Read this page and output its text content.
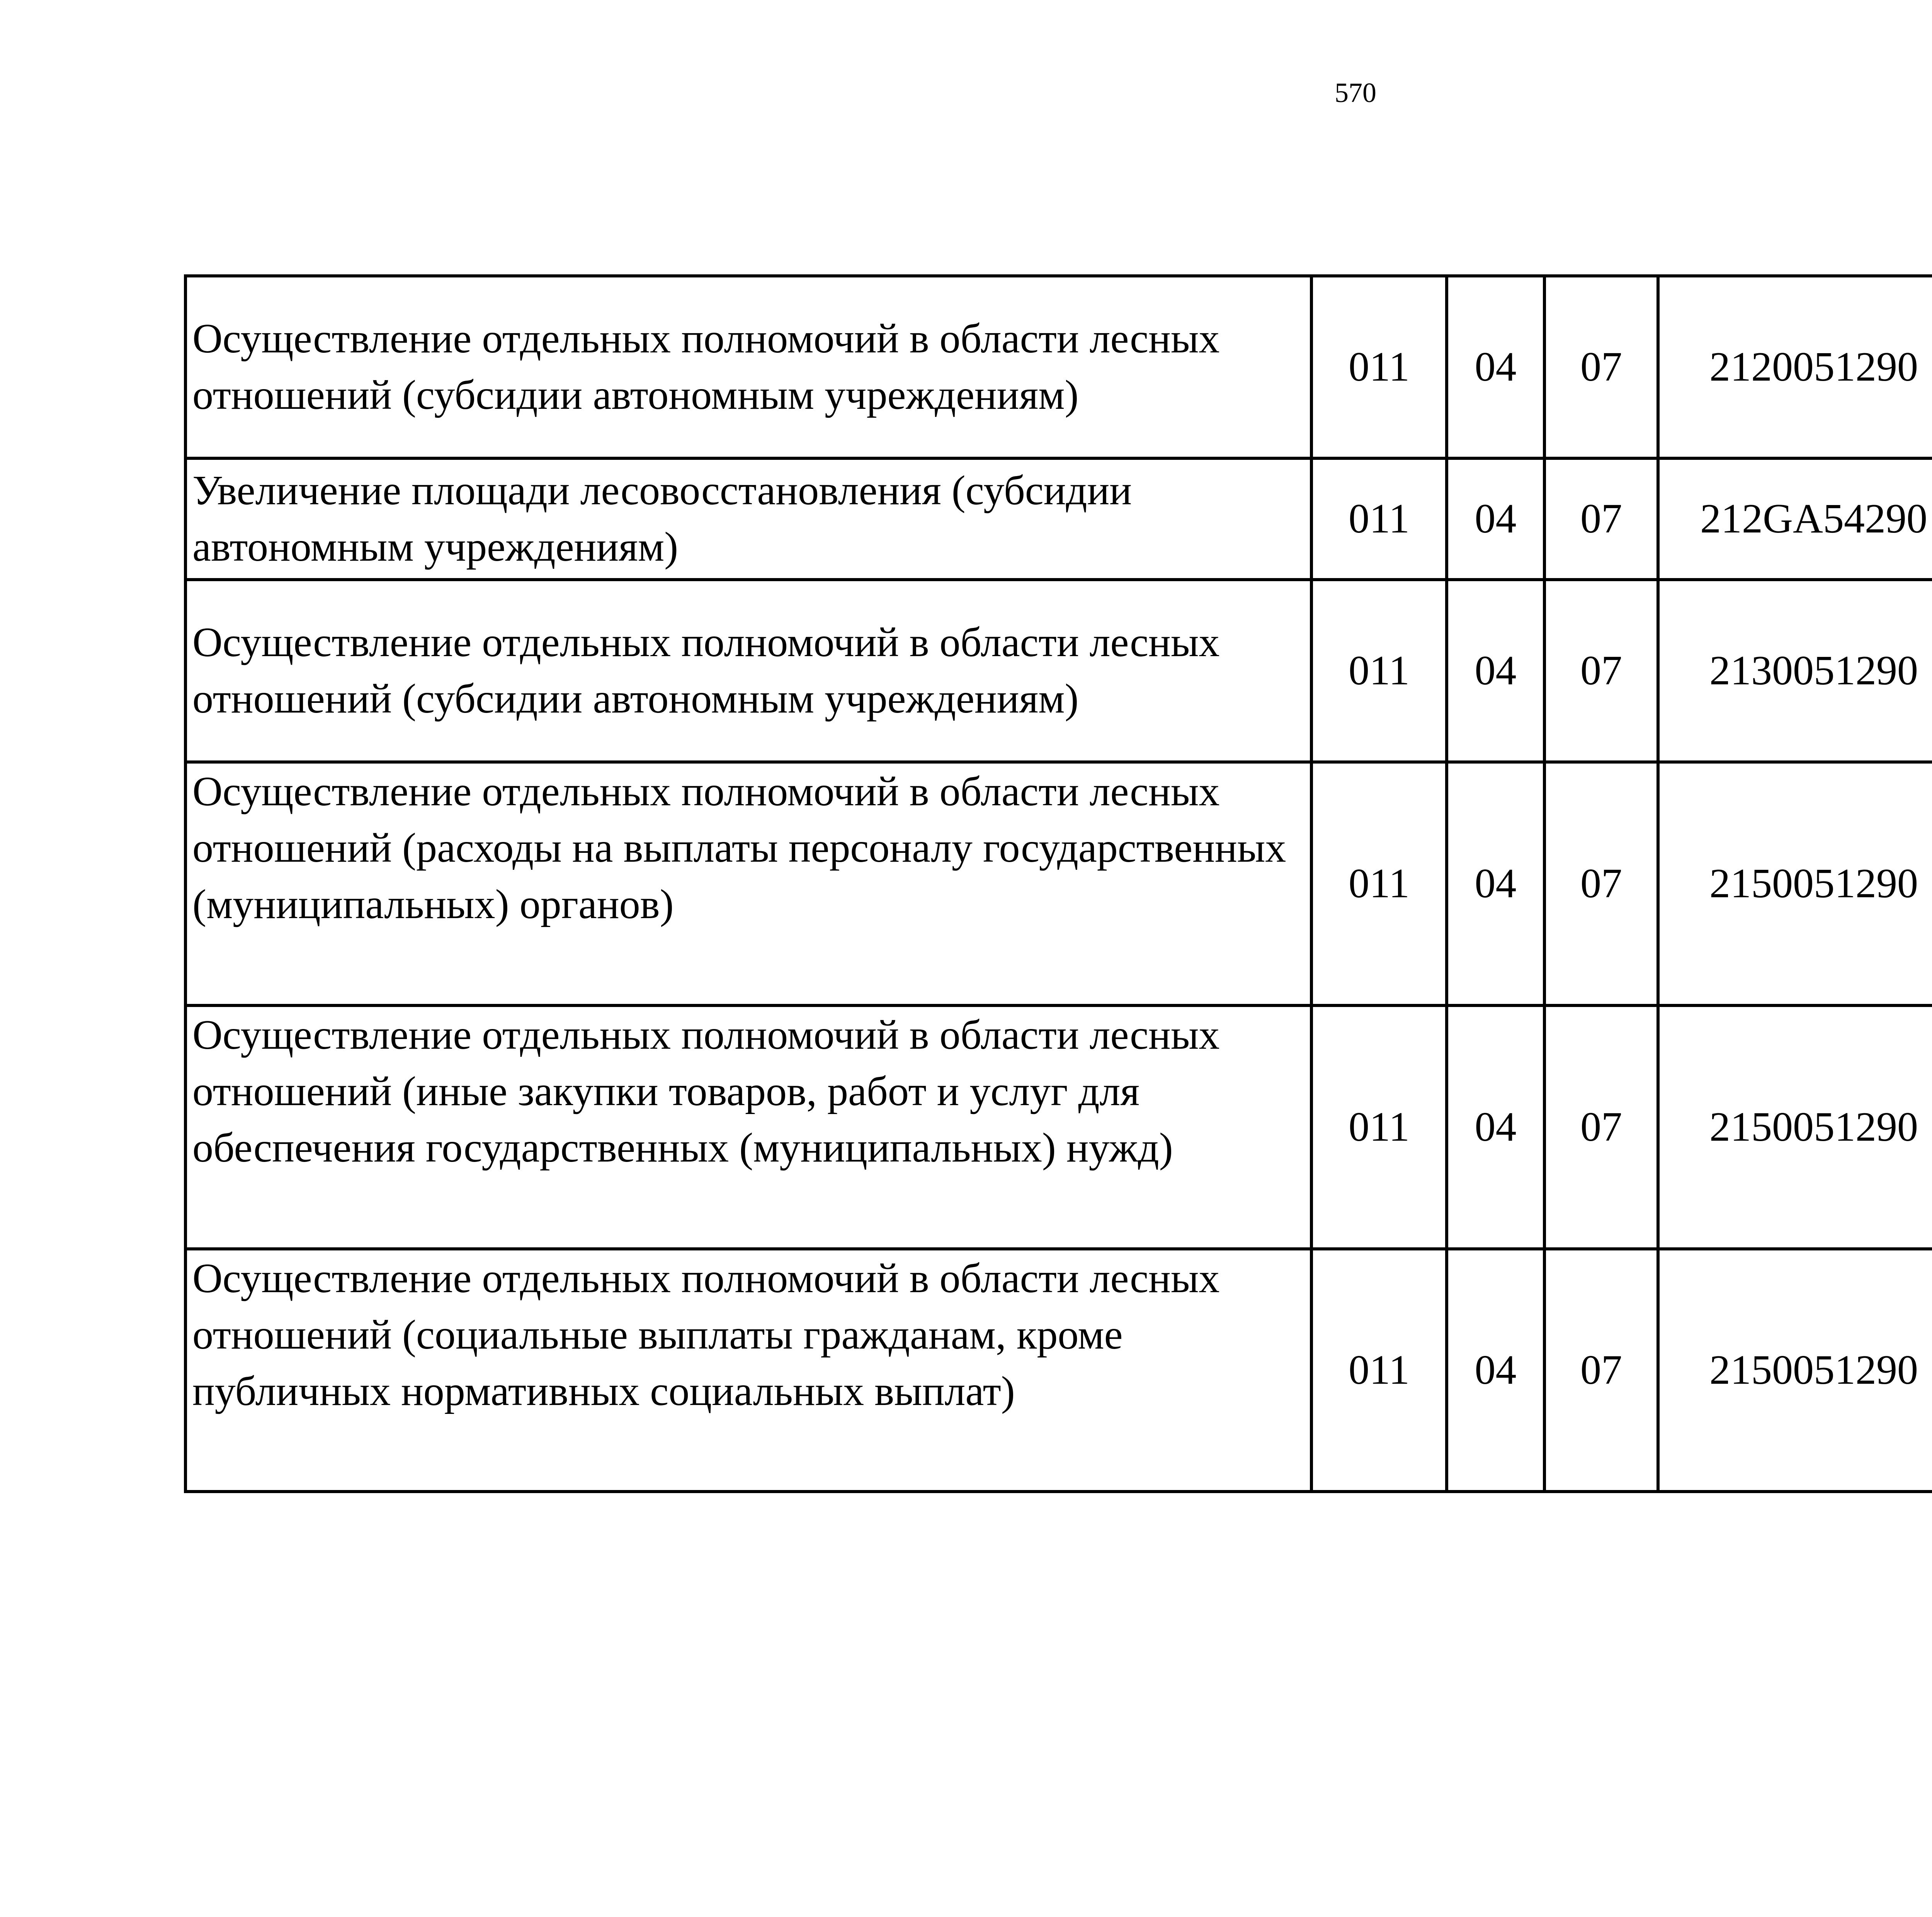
570
Осуществление отдельных полномочий в области лесных отношений (субсидии автономным учреждениям)	011	04	07	2120051290		
Увеличение площади лесовосстановления (субсидии автономным учреждениям)	011	04	07	212GA54290		
Осуществление отдельных полномочий в области лесных отношений (субсидии автономным учреждениям)	011	04	07	2130051290		
Осуществление отдельных полномочий в области лесных отношений (расходы на выплаты персоналу государственных (муниципальных) органов)	011	04	07	2150051290		
Осуществление отдельных полномочий в области лесных отношений (иные закупки товаров, работ и услуг для обеспечения государственных (муниципальных) нужд)	011	04	07	2150051290		
Осуществление отдельных полномочий в области лесных отношений (социальные выплаты гражданам, кроме публичных нормативных социальных выплат)	011	04	07	2150051290		
